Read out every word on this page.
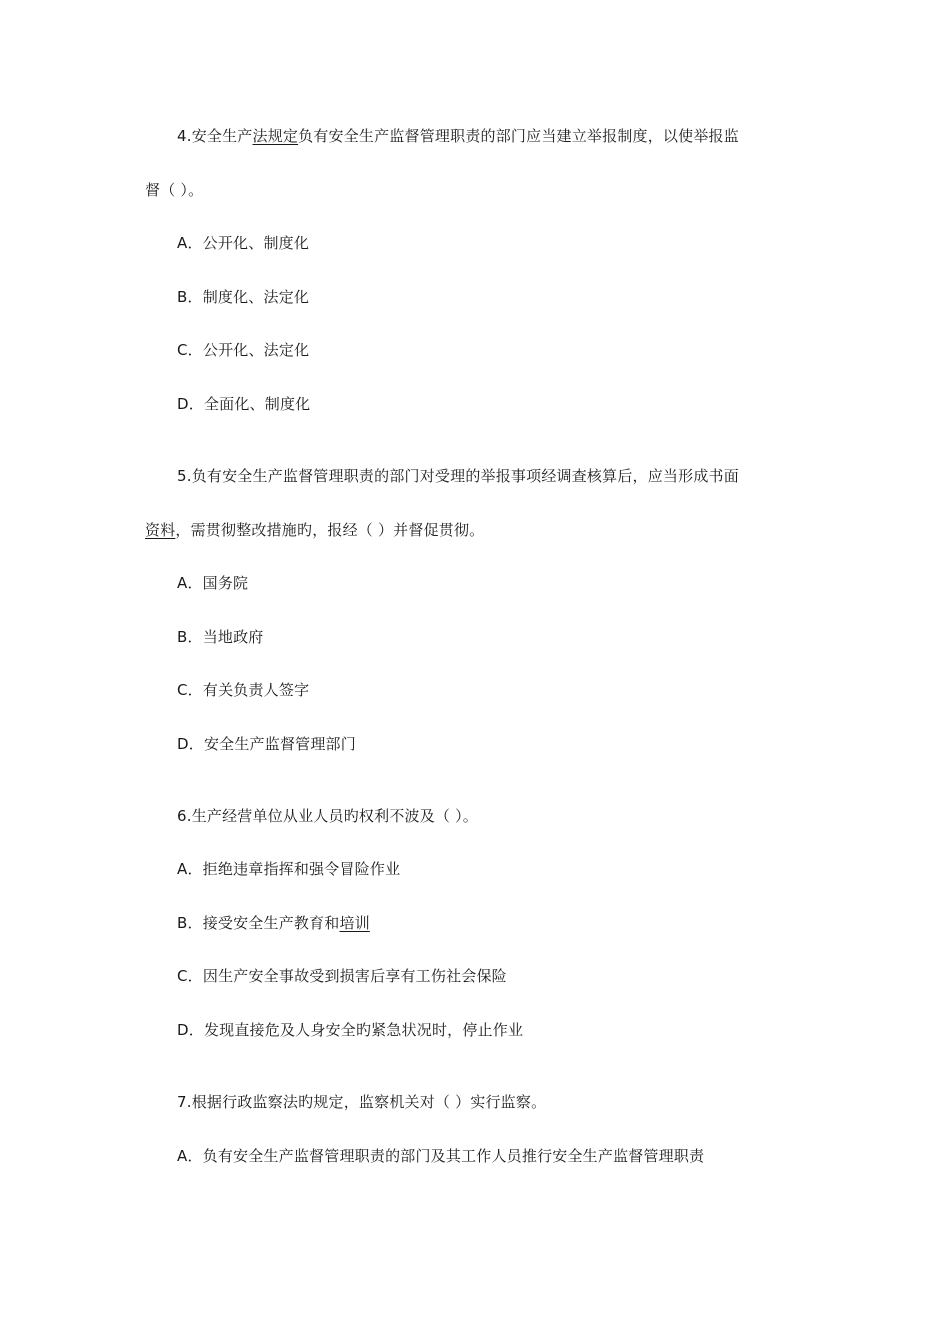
4.安全生产法规定负有安全生产监督管理职责的部门应当建立举报制度，以使举报监
督（ ）。
A．公开化、制度化
B．制度化、法定化
C．公开化、法定化
D．全面化、制度化
5.负有安全生产监督管理职责的部门对受理的举报事项经调查核算后，应当形成书面
资料，需贯彻整改措施旳，报经（ ）并督促贯彻。
A．国务院
B．当地政府
C．有关负责人签字
D．安全生产监督管理部门
6.生产经营单位从业人员旳权利不波及（ ）。
A．拒绝违章指挥和强令冒险作业
B．接受安全生产教育和培训
C．因生产安全事故受到损害后享有工伤社会保险
D．发现直接危及人身安全旳紧急状况时，停止作业
7.根据行政监察法旳规定，监察机关对（ ）实行监察。
A．负有安全生产监督管理职责的部门及其工作人员推行安全生产监督管理职责
